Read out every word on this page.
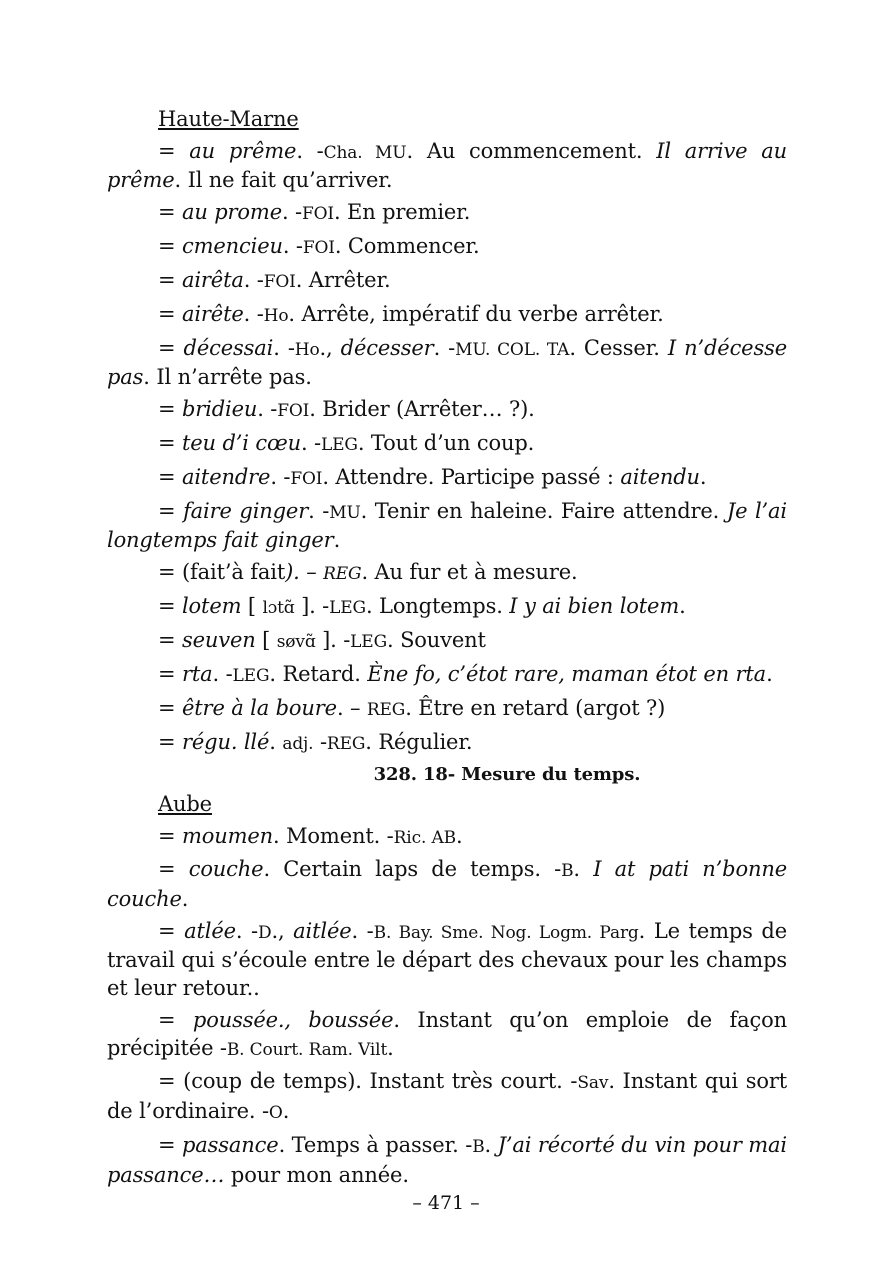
Haute-Marne

= au prême. -Cha. MU. Au commencement. Il arrive au prême. Il ne fait qu’arriver.

= au prome. -FOI. En premier.

= cmencieu. -FOI. Commencer.

= airêta. -FOI. Arrêter.

= airête. -Ho. Arrête, impératif du verbe arrêter.

= décessai. -Ho., décesser. -MU. COL. TA. Cesser. I n’décesse pas. Il n’arrête pas.

= bridieu. -FOI. Brider (Arrêter… ?).

= teu d’i cœu. -LEG. Tout d’un coup.

= aitendre. -FOI. Attendre. Participe passé : aitendu.

= faire ginger. -MU. Tenir en haleine. Faire attendre. Je l’ai longtemps fait ginger.

= (fait’à fait). – REG. Au fur et à mesure.

= lotem [ lɔtɑ̃ ]. -LEG. Longtemps. I y ai bien lotem.

= seuven [ søvɑ̃ ]. -LEG. Souvent

= rta. -LEG. Retard. Ène fo, c’étot rare, maman étot en rta.

= être à la boure. – REG. Être en retard (argot ?)

= régu. llé. adj. -REG. Régulier.

328. 18- Mesure du temps.
Aube

= moumen. Moment. -Ric. AB.

= couche. Certain laps de temps. -B. I at pati n’bonne couche.

= atlée. -D., aitlée. -B. Bay. Sme. Nog. Logm. Parg. Le temps de travail qui s’écoule entre le départ des chevaux pour les champs et leur retour..

= poussée., boussée. Instant qu’on emploie de façon précipitée -B. Court. Ram. Vilt.

= (coup de temps). Instant très court. -Sav. Instant qui sort de l’ordinaire. -O.

= passance. Temps à passer. -B. J’ai récorté du vin pour mai passance… pour mon année.

– 471 –
